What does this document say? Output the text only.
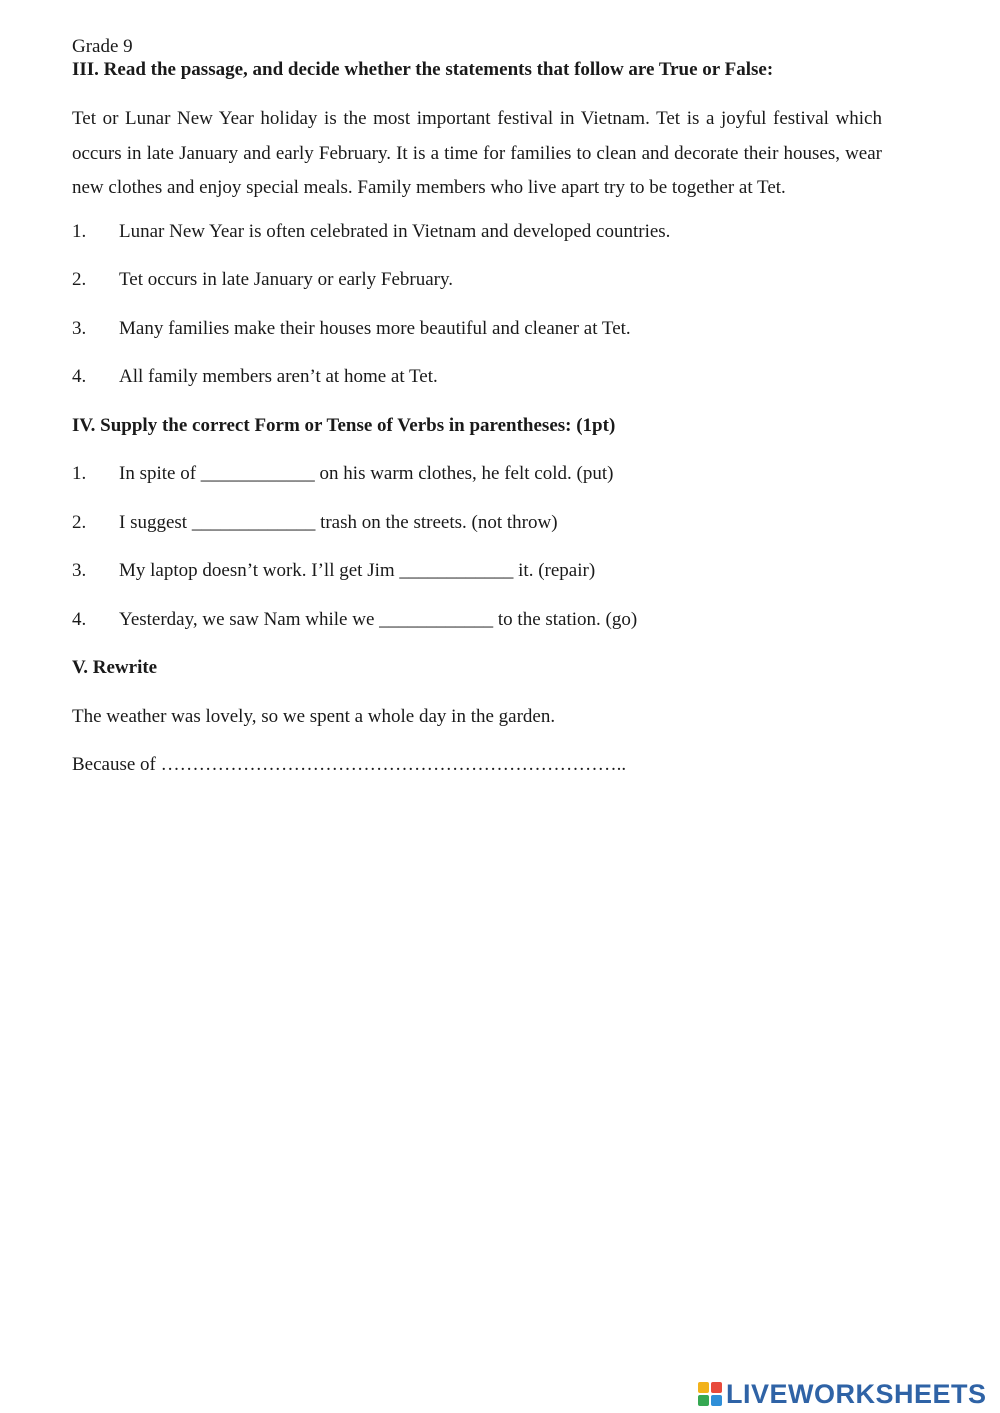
Grade 9
III. Read the passage, and decide whether the statements that follow are True or False:
Tet or Lunar New Year holiday is the most important festival in Vietnam. Tet is a joyful festival which occurs in late January and early February. It is a time for families to clean and decorate their houses, wear new clothes and enjoy special meals. Family members who live apart try to be together at Tet.
1.	Lunar New Year is often celebrated in Vietnam and developed countries.
2.	Tet occurs in late January or early February.
3.	Many families make their houses more beautiful and cleaner at Tet.
4.	All family members aren’t at home at Tet.
IV. Supply the correct Form or Tense of Verbs in parentheses: (1pt)
1.	In spite of ____________ on his warm clothes, he felt cold. (put)
2.	I suggest _____________ trash on the streets. (not throw)
3.	My laptop doesn’t work. I’ll get Jim ____________ it. (repair)
4.	Yesterday, we saw Nam while we ____________ to the station. (go)
V. Rewrite
The weather was lovely, so we spent a whole day in the garden.
Because of ………………………………………………………………..
LIVEWORKSHEETS
